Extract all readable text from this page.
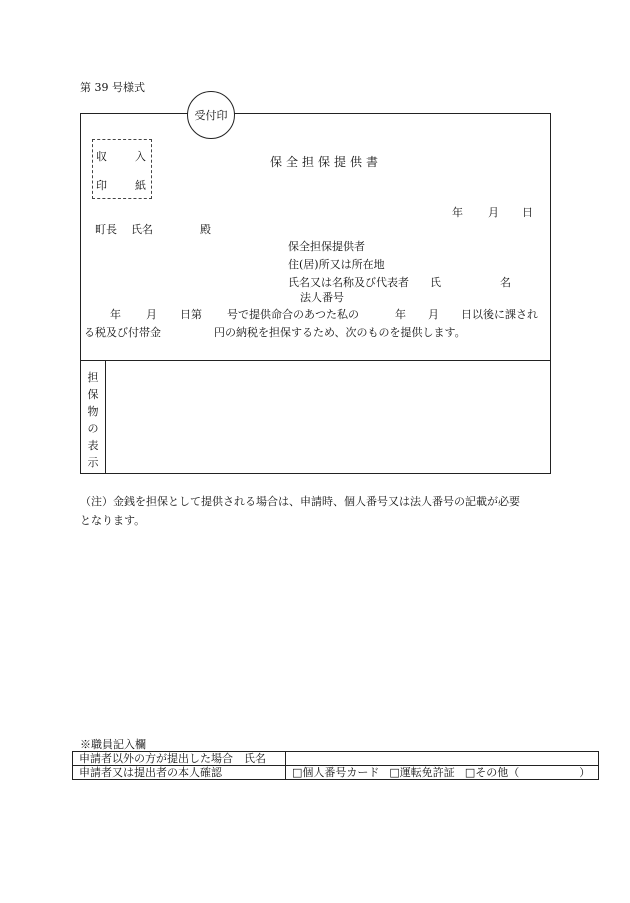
第 39 号様式
受付印
収	入
印	紙
保全担保提供書
年 月 日
町長 氏名	殿
保全担保提供者
住(居)所又は所在地
氏名又は名称及び代表者 氏	名
法人番号
年 月 日第 号で提供命合のあつた私の	年 月 日以後に課され
る税及び付帯金	円の納税を担保するため、次のものを提供します。
担
保
物
の
表
示
（注）金銭を担保として提供される場合は、申請時、個人番号又は法人番号の記載が必要
となります。
※職員記入欄
申請者以外の方が提出した場合　氏名	
申請者又は提出者の本人確認	□個人番号カード □運転免許証 □その他（ ）
